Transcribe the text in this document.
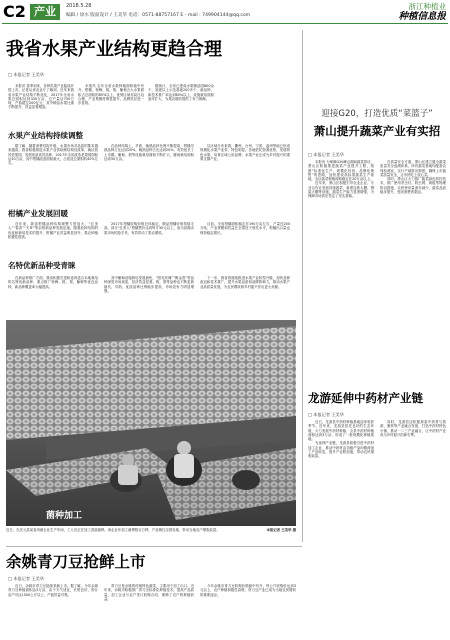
C2 产业	2018.5.28
编辑 / 徐水 版面设计 / 王美华 电话：0571-88757167 E - mail : 749904144@qq.com
浙江种植业
种植信息报
我省水果产业结构更趋合理
□ 本报记者 王美华

本报讯 春季到来，各种瓜果产业陆续开园上市。记者从省农业厅了解到，近年来我省水果产业结构不断优化，2017年全省水果总面积达到330万亩，总产量达750万吨，产值超过200亿元，其中精品水果比重不断提升，效益显著增加。

本报讯 去年全省水果种植面积稳中有升，柑橘、杨梅、桃、梨、葡萄五大水果面积占总面积的85%以上，优势区域布局日趋合理，产业集聚度明显提升，品牌效应进一步显现。

据统计，全省已建成水果精品园800余个，省级以上示范基地200多个，新品种、新技术推广率达到60%以上，设施栽培面积逐年扩大，为果农增收提供了有力保障。

水果产业结构持续调整

据了解，随着消费结构升级，水果市场对品质的要求越来越高。我省积极推进水果产业供给侧结构性改革，淘汰低效老果园，发展优质高效品种，2017年全省改造老果园面积达10万亩，其中柑橘改造面积最大，占改造总面积的40%左右。

在品种结构上，早熟、晚熟品种比例不断提高，柑橘早熟品种占比达到25%，晚熟品种占比达到20%，有效延长了上市期。葡萄、梨等设施栽培面积不断扩大，避雨栽培面积达到30万亩。

以区域分布来看，衢州、台州、宁波、温州等地已形成规模化水果产业带，特色明显。各地依托资源优势，发展特色水果，培育区域公用品牌，水果产业正成为乡村振兴的重要支撑产业。

柑橘产业发展回暖

近年来，我省柑橘品种结构调整力度加大，“红美人”“春香”“天草”等杂柑新品种发展迅速。随着品种结构的优化和栽培技术的提升，柑橘产业效益明显回升，果农种植积极性提高。

2017年柑橘收购价格总体稳定，精品柑橘价格持续走高。部分“红美人”柑橘售价达到每斤30元以上，成为高端水果市场的抢手货，有效带动了果农增收。

目前，全省柑橘面积稳定在190万亩左右，产量近200万吨，产业规模和效益在全国处于领先水平，柑橘出口量也保持稳定增长。

名特优新品种受青睐

在新品种推广方面，我省积极引进和选育适合本地栽培的名特优新品种，重点推广杨梅、桃、梨、葡萄等优良品种，新品种覆盖率大幅提高。

其中葡萄设施栽培发展最快，“阳光玫瑰”“醉金香”等品种深受市场欢迎，经济效益显著。桃、梨等品种也不断更新换代，早熟、优质品种比例稳步提高，市场竞争力明显增强。

下一步，我省将继续推进水果产业转型升级，加快品种改良和技术推广，提升水果品质和品牌影响力，推动水果产业高质量发展，为农民增收和乡村振兴作出更大贡献。

菌种加工
近日，在庆元县某食用菌企业生产车间，工人们正在加工香菇菌棒。该企业年加工菌棒数百万棒，产品销往全国各地，带动当地农户增收致富。	本报记者 王美华 摄
迎接G20，打造优质“菜篮子”
萧山提升蔬菜产业有实招
□ 本报记者 王美华

本报讯 为保障G20峰会期间蔬菜供应，萧山区积极推进蔬菜产业提升工程，按照“标准化生产、规模化经营、品牌化销售”的思路，加快建设高标准蔬菜生产基地，全区蔬菜种植面积稳定在20万亩以上。

近年来，萧山区积极引导农业企业、专业合作社发展设施蔬菜，新建连栋大棚、钢架大棚等设施，蔬菜生产能力显著增强，为保障市场供应奠定了坚实基础。

在质量安全方面，萧山区建立健全蔬菜质量安全追溯体系，所有蔬菜基地均配备农残检测室，实行产地准出制度，确保上市蔬菜质量安全，让市民吃上放心菜。

同时，萧山区大力推广蔬菜绿色防控技术，推广使用杀虫灯、防虫网、黄板等物理防治措施，农药使用量逐年减少，蔬菜品质稳步提升，受到消费者欢迎。

龙游延伸中药材产业链
□ 本报记者 王美华

近日，龙游县中药材种植基地迎来收获季节。近年来，龙游县依托良好的生态环境，大力发展中药材种植，全县中药材种植面积达到3万亩，形成了一批规模化种植基地。

为延伸产业链，龙游县积极引进中药材加工企业，推动中药材由初级产品向精深加工产品转变，提升产业附加值，带动农民增收致富。

同时，龙游县还积极探索中药材与旅游、康养等产业融合发展，打造中药材特色小镇，推动一二三产业融合，让中药材产业成为乡村振兴的新引擎。

余姚青刀豆抢鲜上市
□ 本报记者 王美华

近日，余姚市青刀豆陆续采摘上市。据了解，今年余姚青刀豆种植面积达3万亩，由于天气适宜，长势良好，预计亩产可达1500公斤以上，产值效益可观。

青刀豆是余姚的传统特色蔬菜，主要用于加工出口。近年来，余姚市积极推广青刀豆标准化种植技术，提高产品质量，加工企业与农户签订收购合同，保障了农户的种植收益。

今年余姚市青刀豆收购价格稳中有升，每公斤收购价达到3元以上，农户种植积极性高涨，青刀豆产业已成为当地农民增收的重要途径。
